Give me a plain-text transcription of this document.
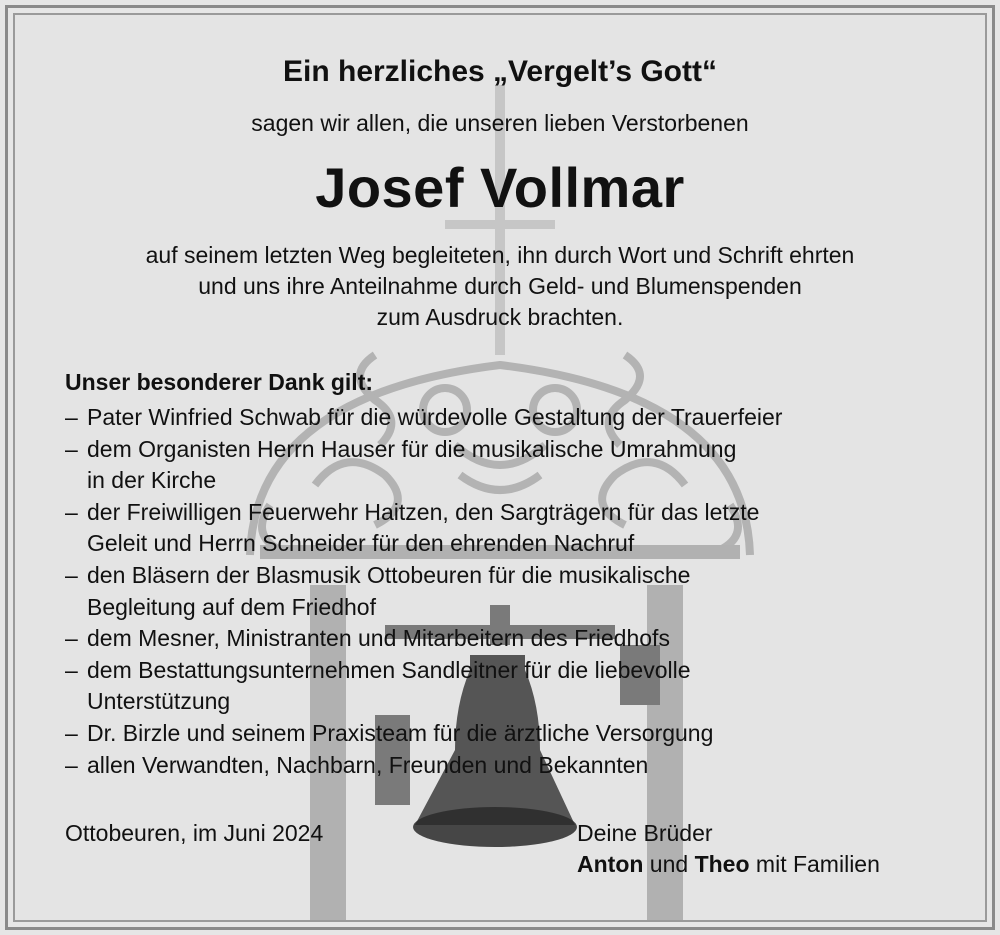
Ein herzliches „Vergelt’s Gott“
sagen wir allen, die unseren lieben Verstorbenen
Josef Vollmar
auf seinem letzten Weg begleiteten, ihn durch Wort und Schrift ehrten
und uns ihre Anteilnahme durch Geld- und Blumenspenden
zum Ausdruck brachten.
Unser besonderer Dank gilt:
– Pater Winfried Schwab für die würdevolle Gestaltung der Trauerfeier
– dem Organisten Herrn Hauser für die musikalische Umrahmung
in der Kirche
– der Freiwilligen Feuerwehr Haitzen, den Sargträgern für das letzte
Geleit und Herrn Schneider für den ehrenden Nachruf
– den Bläsern der Blasmusik Ottobeuren für die musikalische
Begleitung auf dem Friedhof
– dem Mesner, Ministranten und Mitarbeitern des Friedhofs
– dem Bestattungsunternehmen Sandleitner für die liebevolle
Unterstützung
– Dr. Birzle und seinem Praxisteam für die ärztliche Versorgung
– allen Verwandten, Nachbarn, Freunden und Bekannten
Ottobeuren, im Juni 2024	Deine Brüder
Anton und Theo mit Familien
